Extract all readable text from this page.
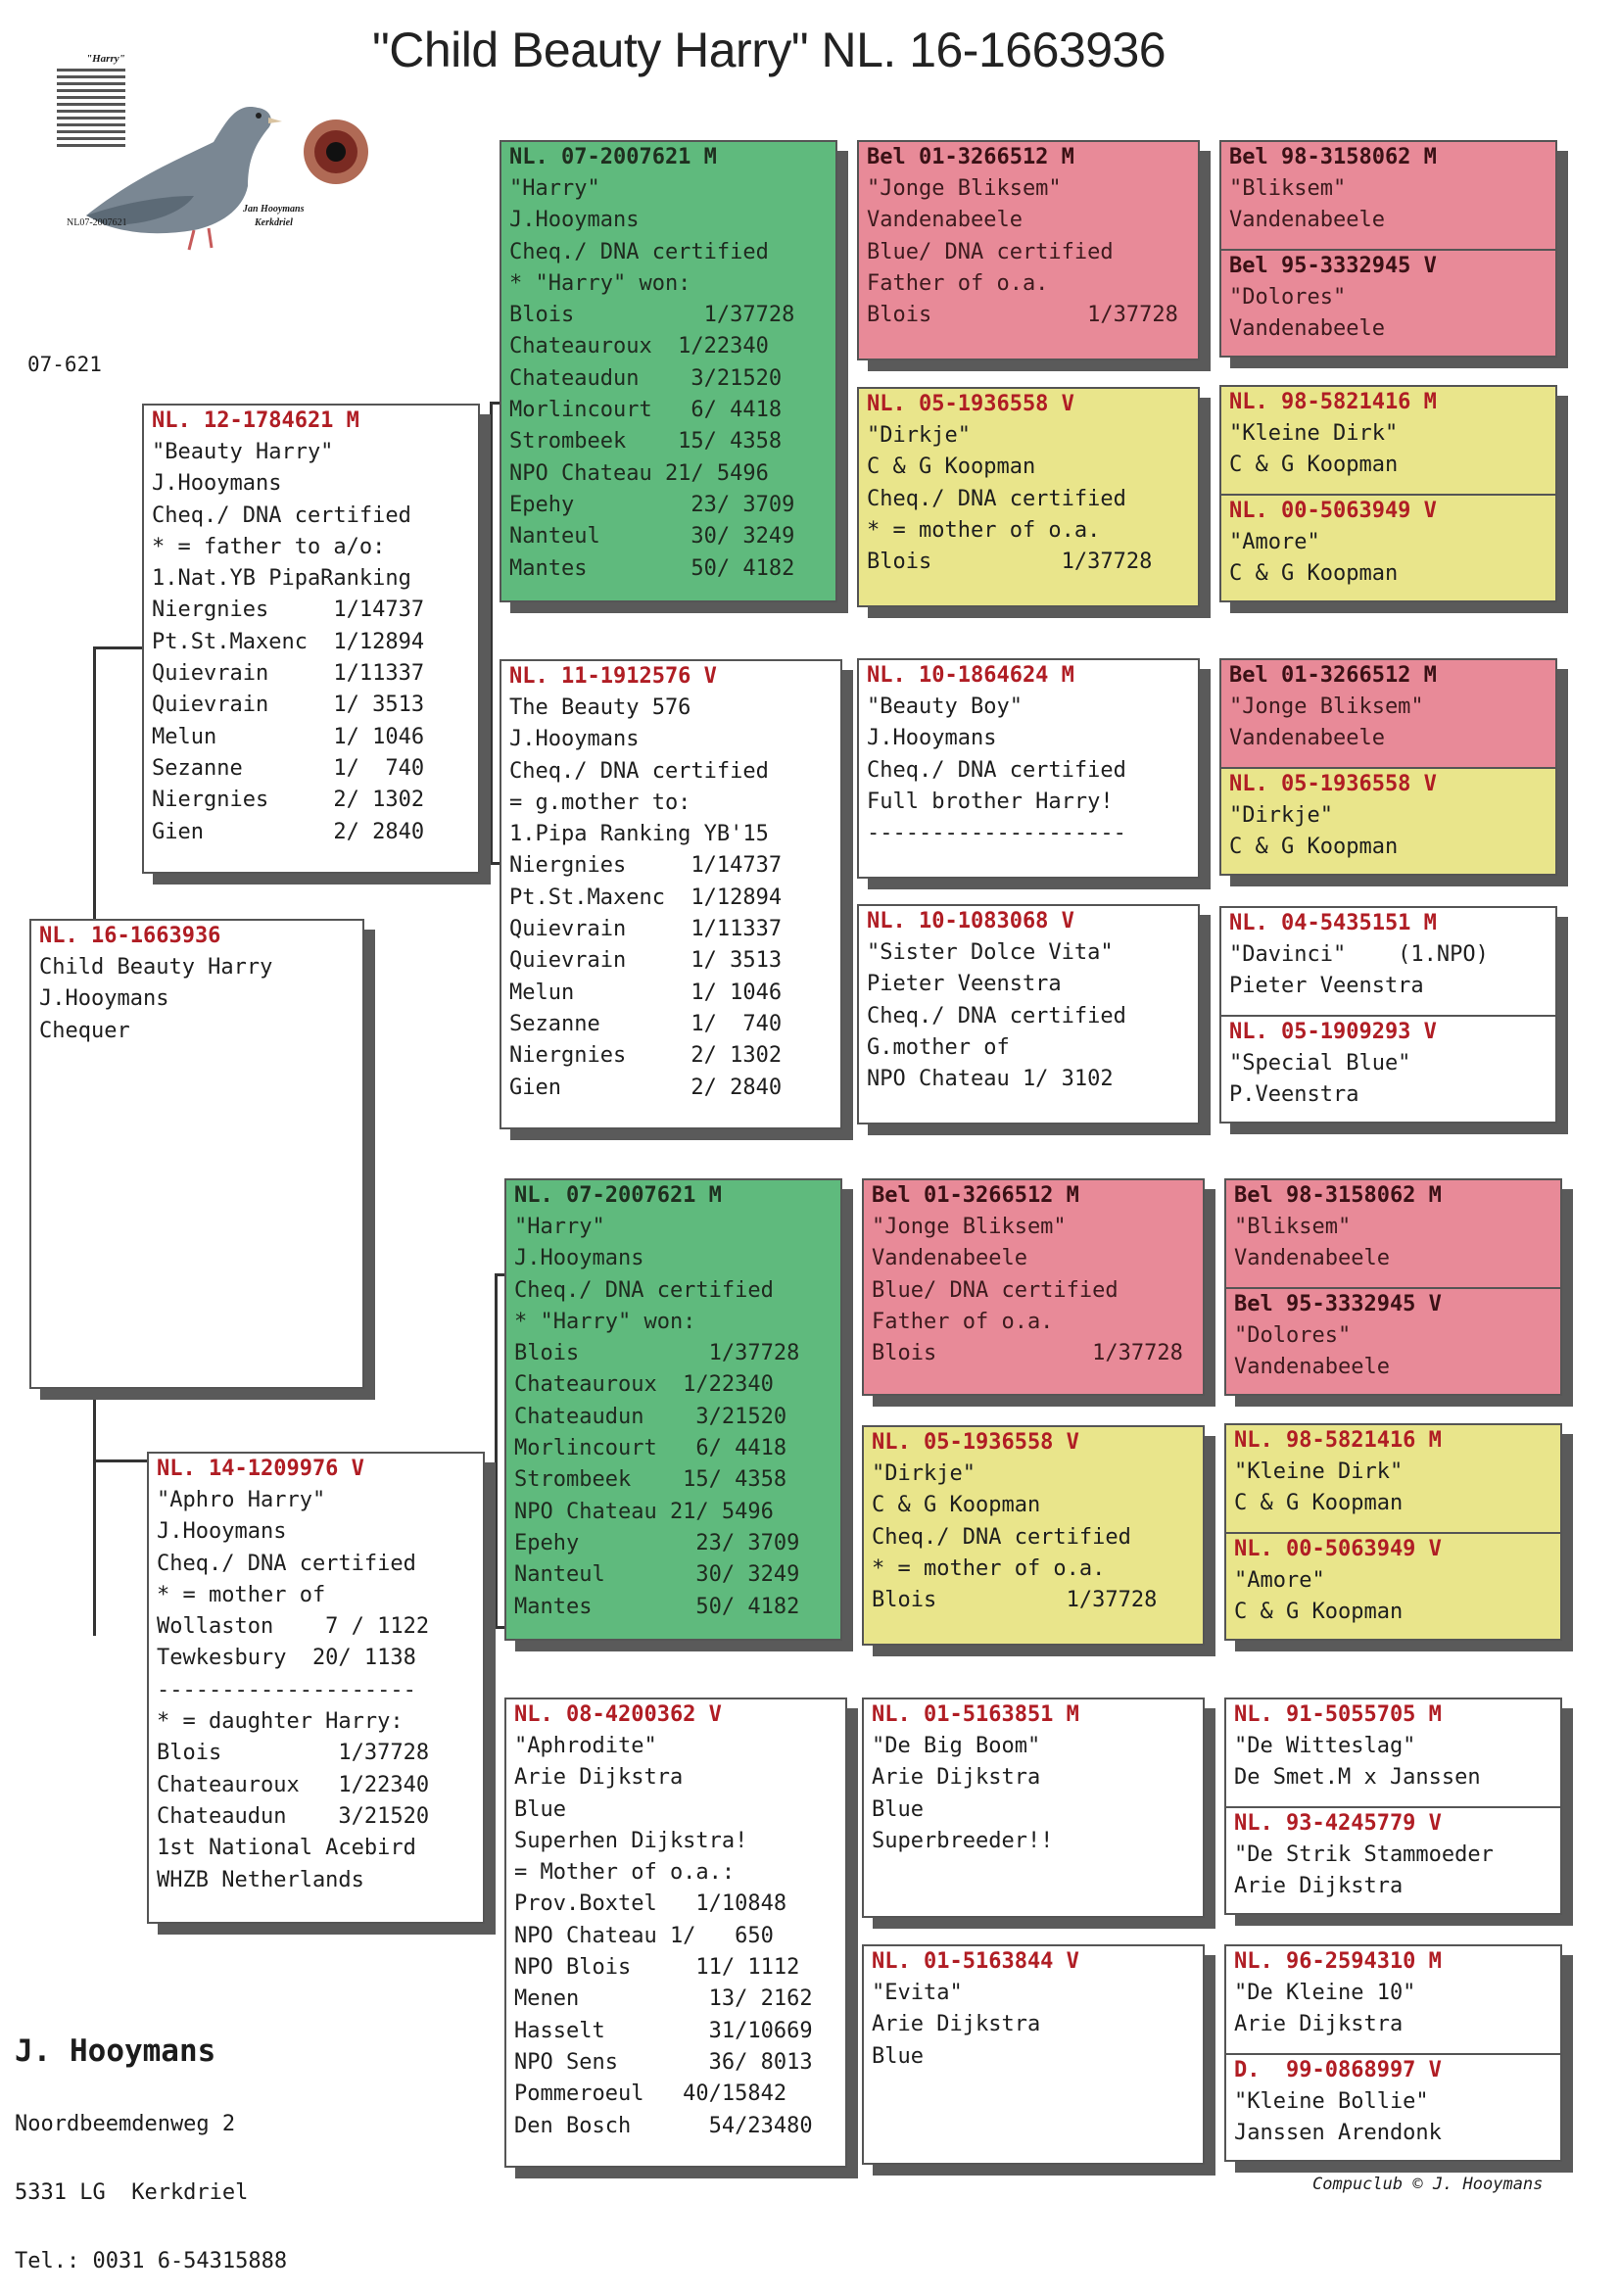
"Child Beauty Harry" NL. 16-1663936
"Harry"
NL07-2007621
Jan Hooymans
Kerkdriel
07-621
NL. 16-1663936
Child Beauty Harry
J.Hooymans
Chequer
NL. 12-1784621 M
"Beauty Harry"
J.Hooymans
Cheq./ DNA certified
* = father to a/o:
1.Nat.YB PipaRanking
Niergnies     1/14737
Pt.St.Maxenc  1/12894
Quievrain     1/11337
Quievrain     1/ 3513
Melun         1/ 1046
Sezanne       1/  740
Niergnies     2/ 1302
Gien          2/ 2840
NL. 14-1209976 V
"Aphro Harry"
J.Hooymans
Cheq./ DNA certified
* = mother of
Wollaston    7 / 1122
Tewkesbury  20/ 1138
--------------------
* = daughter Harry:
Blois         1/37728
Chateauroux   1/22340
Chateaudun    3/21520
1st National Acebird
WHZB Netherlands
NL. 07-2007621 M
"Harry"
J.Hooymans
Cheq./ DNA certified
* "Harry" won:
Blois          1/37728
Chateauroux  1/22340
Chateaudun    3/21520
Morlincourt   6/ 4418
Strombeek    15/ 4358
NPO Chateau 21/ 5496
Epehy         23/ 3709
Nanteul       30/ 3249
Mantes        50/ 4182
NL. 11-1912576 V
The Beauty 576
J.Hooymans
Cheq./ DNA certified
= g.mother to:
1.Pipa Ranking YB'15
Niergnies     1/14737
Pt.St.Maxenc  1/12894
Quievrain     1/11337
Quievrain     1/ 3513
Melun         1/ 1046
Sezanne       1/  740
Niergnies     2/ 1302
Gien          2/ 2840
NL. 07-2007621 M
"Harry"
J.Hooymans
Cheq./ DNA certified
* "Harry" won:
Blois          1/37728
Chateauroux  1/22340
Chateaudun    3/21520
Morlincourt   6/ 4418
Strombeek    15/ 4358
NPO Chateau 21/ 5496
Epehy         23/ 3709
Nanteul       30/ 3249
Mantes        50/ 4182
NL. 08-4200362 V
"Aphrodite"
Arie Dijkstra
Blue
Superhen Dijkstra!
= Mother of o.a.:
Prov.Boxtel   1/10848
NPO Chateau 1/   650
NPO Blois     11/ 1112
Menen          13/ 2162
Hasselt        31/10669
NPO Sens       36/ 8013
Pommeroeul   40/15842
Den Bosch      54/23480
Bel 01-3266512 M
"Jonge Bliksem"
Vandenabeele
Blue/ DNA certified
Father of o.a.
Blois            1/37728
NL. 05-1936558 V
"Dirkje"
C & G Koopman
Cheq./ DNA certified
* = mother of o.a.
Blois          1/37728
NL. 10-1864624 M
"Beauty Boy"
J.Hooymans
Cheq./ DNA certified
Full brother Harry!
--------------------
NL. 10-1083068 V
"Sister Dolce Vita"
Pieter Veenstra
Cheq./ DNA certified
G.mother of
NPO Chateau 1/ 3102
Bel 01-3266512 M
"Jonge Bliksem"
Vandenabeele
Blue/ DNA certified
Father of o.a.
Blois            1/37728
NL. 05-1936558 V
"Dirkje"
C & G Koopman
Cheq./ DNA certified
* = mother of o.a.
Blois          1/37728
NL. 01-5163851 M
"De Big Boom"
Arie Dijkstra
Blue
Superbreeder!!
NL. 01-5163844 V
"Evita"
Arie Dijkstra
Blue
Bel 98-3158062 M
"Bliksem"
Vandenabeele
Bel 95-3332945 V
"Dolores"
Vandenabeele
NL. 98-5821416 M
"Kleine Dirk"
C & G Koopman
NL. 00-5063949 V
"Amore"
C & G Koopman
Bel 01-3266512 M
"Jonge Bliksem"
Vandenabeele
NL. 05-1936558 V
"Dirkje"
C & G Koopman
NL. 04-5435151 M
"Davinci"    (1.NPO)
Pieter Veenstra
NL. 05-1909293 V
"Special Blue"
P.Veenstra
Bel 98-3158062 M
"Bliksem"
Vandenabeele
Bel 95-3332945 V
"Dolores"
Vandenabeele
NL. 98-5821416 M
"Kleine Dirk"
C & G Koopman
NL. 00-5063949 V
"Amore"
C & G Koopman
NL. 91-5055705 M
"De Witteslag"
De Smet.M x Janssen
NL. 93-4245779 V
"De Strik Stammoeder
Arie Dijkstra
NL. 96-2594310 M
"De Kleine 10"
Arie Dijkstra
D.  99-0868997 V
"Kleine Bollie"
Janssen Arendonk

J. Hooymans

Noordbeemdenweg 2

5331 LG  Kerkdriel

Tel.: 0031 6-54315888

Compuclub © J. Hooymans
